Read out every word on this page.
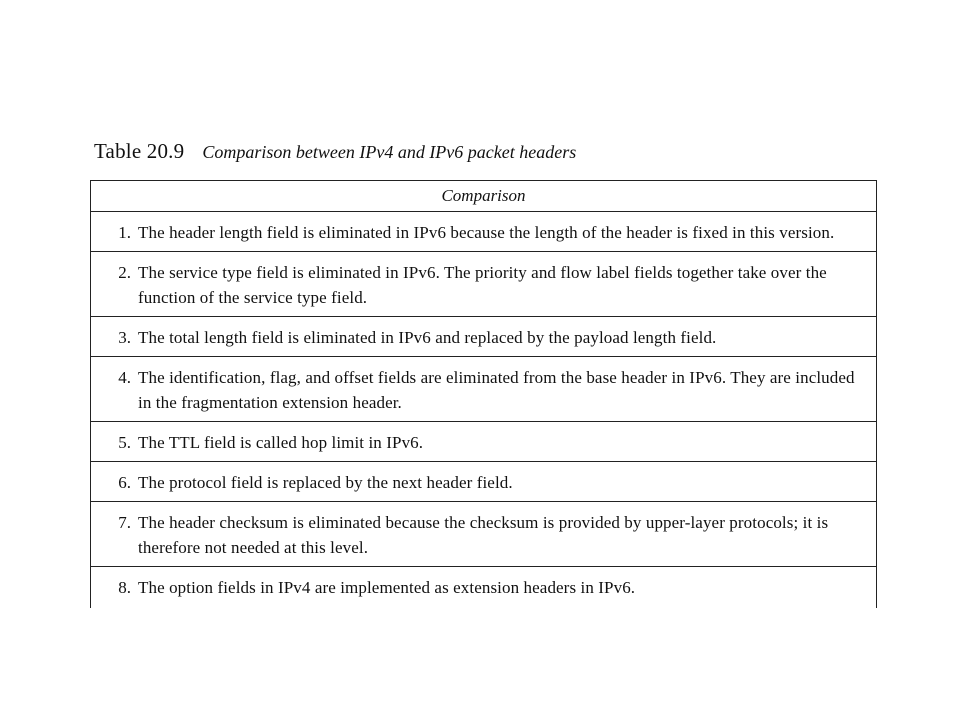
Table 20.9 Comparison between IPv4 and IPv6 packet headers
Comparison
1. The header length field is eliminated in IPv6 because the length of the header is fixed in this version.
2. The service type field is eliminated in IPv6. The priority and flow label fields together take over the function of the service type field.
3. The total length field is eliminated in IPv6 and replaced by the payload length field.
4. The identification, flag, and offset fields are eliminated from the base header in IPv6. They are included in the fragmentation extension header.
5. The TTL field is called hop limit in IPv6.
6. The protocol field is replaced by the next header field.
7. The header checksum is eliminated because the checksum is provided by upper-layer protocols; it is therefore not needed at this level.
8. The option fields in IPv4 are implemented as extension headers in IPv6.
